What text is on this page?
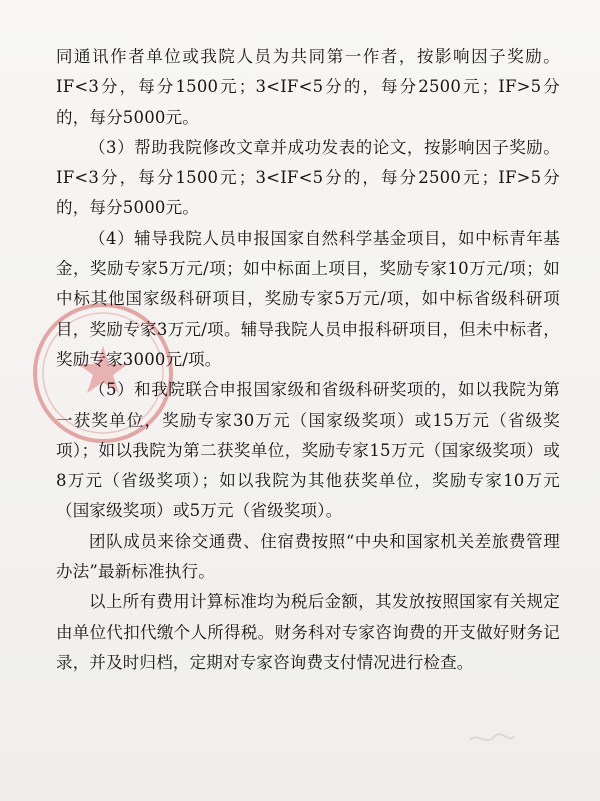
同通讯作者单位或我院人员为共同第一作者，按影响因子奖励。IF<3分，每分1500元；3<IF<5分的，每分2500元；IF>5分的，每分5000元。

（3）帮助我院修改文章并成功发表的论文，按影响因子奖励。IF<3分，每分1500元；3<IF<5分的，每分2500元；IF>5分的，每分5000元。

（4）辅导我院人员申报国家自然科学基金项目，如中标青年基金，奖励专家5万元/项；如中标面上项目，奖励专家10万元/项；如中标其他国家级科研项目，奖励专家5万元/项，如中标省级科研项目，奖励专家3万元/项。辅导我院人员申报科研项目，但未中标者，奖励专家3000元/项。

（5）和我院联合申报国家级和省级科研奖项的，如以我院为第一获奖单位，奖励专家30万元（国家级奖项）或15万元（省级奖项）；如以我院为第二获奖单位，奖励专家15万元（国家级奖项）或8万元（省级奖项）；如以我院为其他获奖单位，奖励专家10万元（国家级奖项）或5万元（省级奖项）。

团队成员来徐交通费、住宿费按照“中央和国家机关差旅费管理办法”最新标准执行。

以上所有费用计算标准均为税后金额，其发放按照国家有关规定由单位代扣代缴个人所得税。财务科对专家咨询费的开支做好财务记录，并及时归档，定期对专家咨询费支付情况进行检查。
